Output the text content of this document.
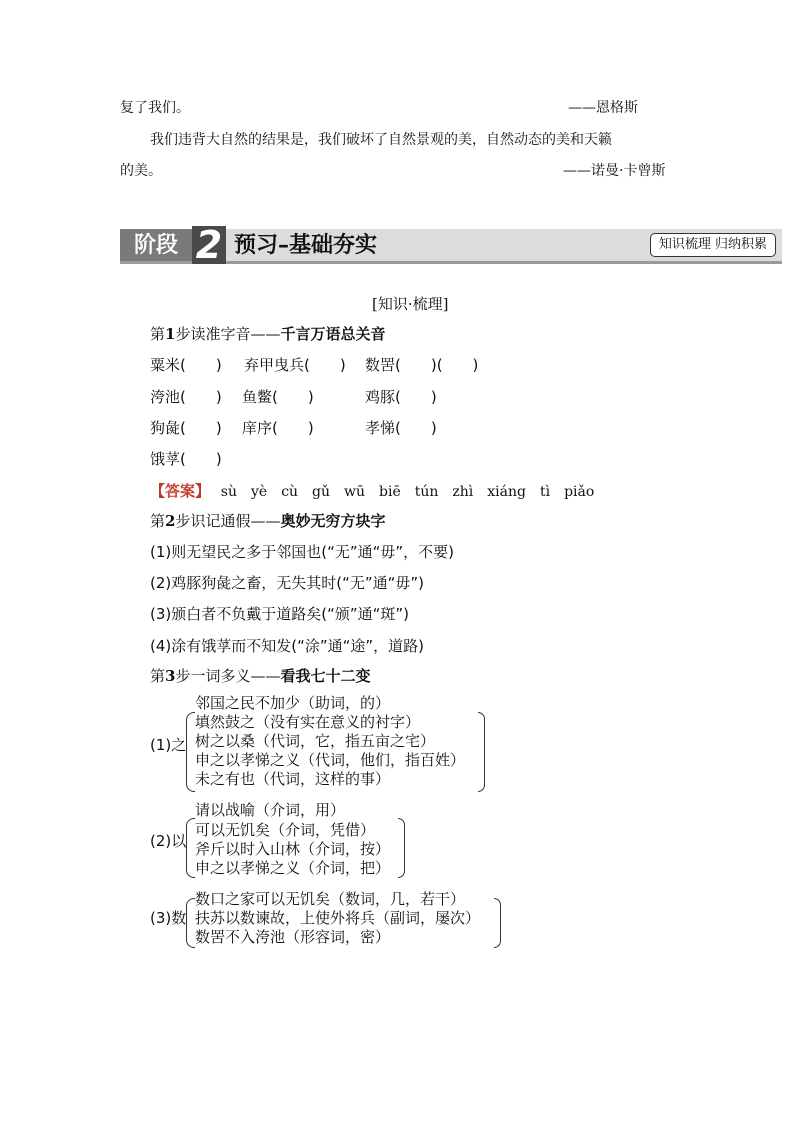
复了我们。	——恩格斯
我们违背大自然的结果是，我们破坏了自然景观的美，自然动态的美和天籁
的美。	——诺曼·卡曾斯
阶段 2 预习–基础夯实	知识梳理 归纳积累
[知识·梳理]
第1步读准字音——千言万语总关音
粟米(　　) 弃甲曳兵(　　) 数罟(　　)(　　)
洿池(　　) 鱼鳖(　　)	鸡豚(　　)
狗彘(　　) 庠序(　　)	孝悌(　　)
饿莩(　　)
【答案】 sù　yè　cù　gǔ　wū　biē　tún　zhì　xiáng　tì　piǎo
第2步识记通假——奥妙无穷方块字
(1)则无望民之多于邻国也(“无”通“毋”，不要)
(2)鸡豚狗彘之畜，无失其时(“无”通“毋”)
(3)颁白者不负戴于道路矣(“颁”通“斑”)
(4)涂有饿莩而不知发(“涂”通“途”，道路)
第3步一词多义——看我七十二变
(1)之
邻国之民不加少（助词，的）
填然鼓之（没有实在意义的衬字）
树之以桑（代词，它，指五亩之宅）
申之以孝悌之义（代词，他们，指百姓）
未之有也（代词，这样的事）
(2)以
请以战喻（介词，用）
可以无饥矣（介词，凭借）
斧斤以时入山林（介词，按）
申之以孝悌之义（介词，把）
(3)数
数口之家可以无饥矣（数词，几，若干）
扶苏以数谏故，上使外将兵（副词，屡次）
数罟不入洿池（形容词，密）
